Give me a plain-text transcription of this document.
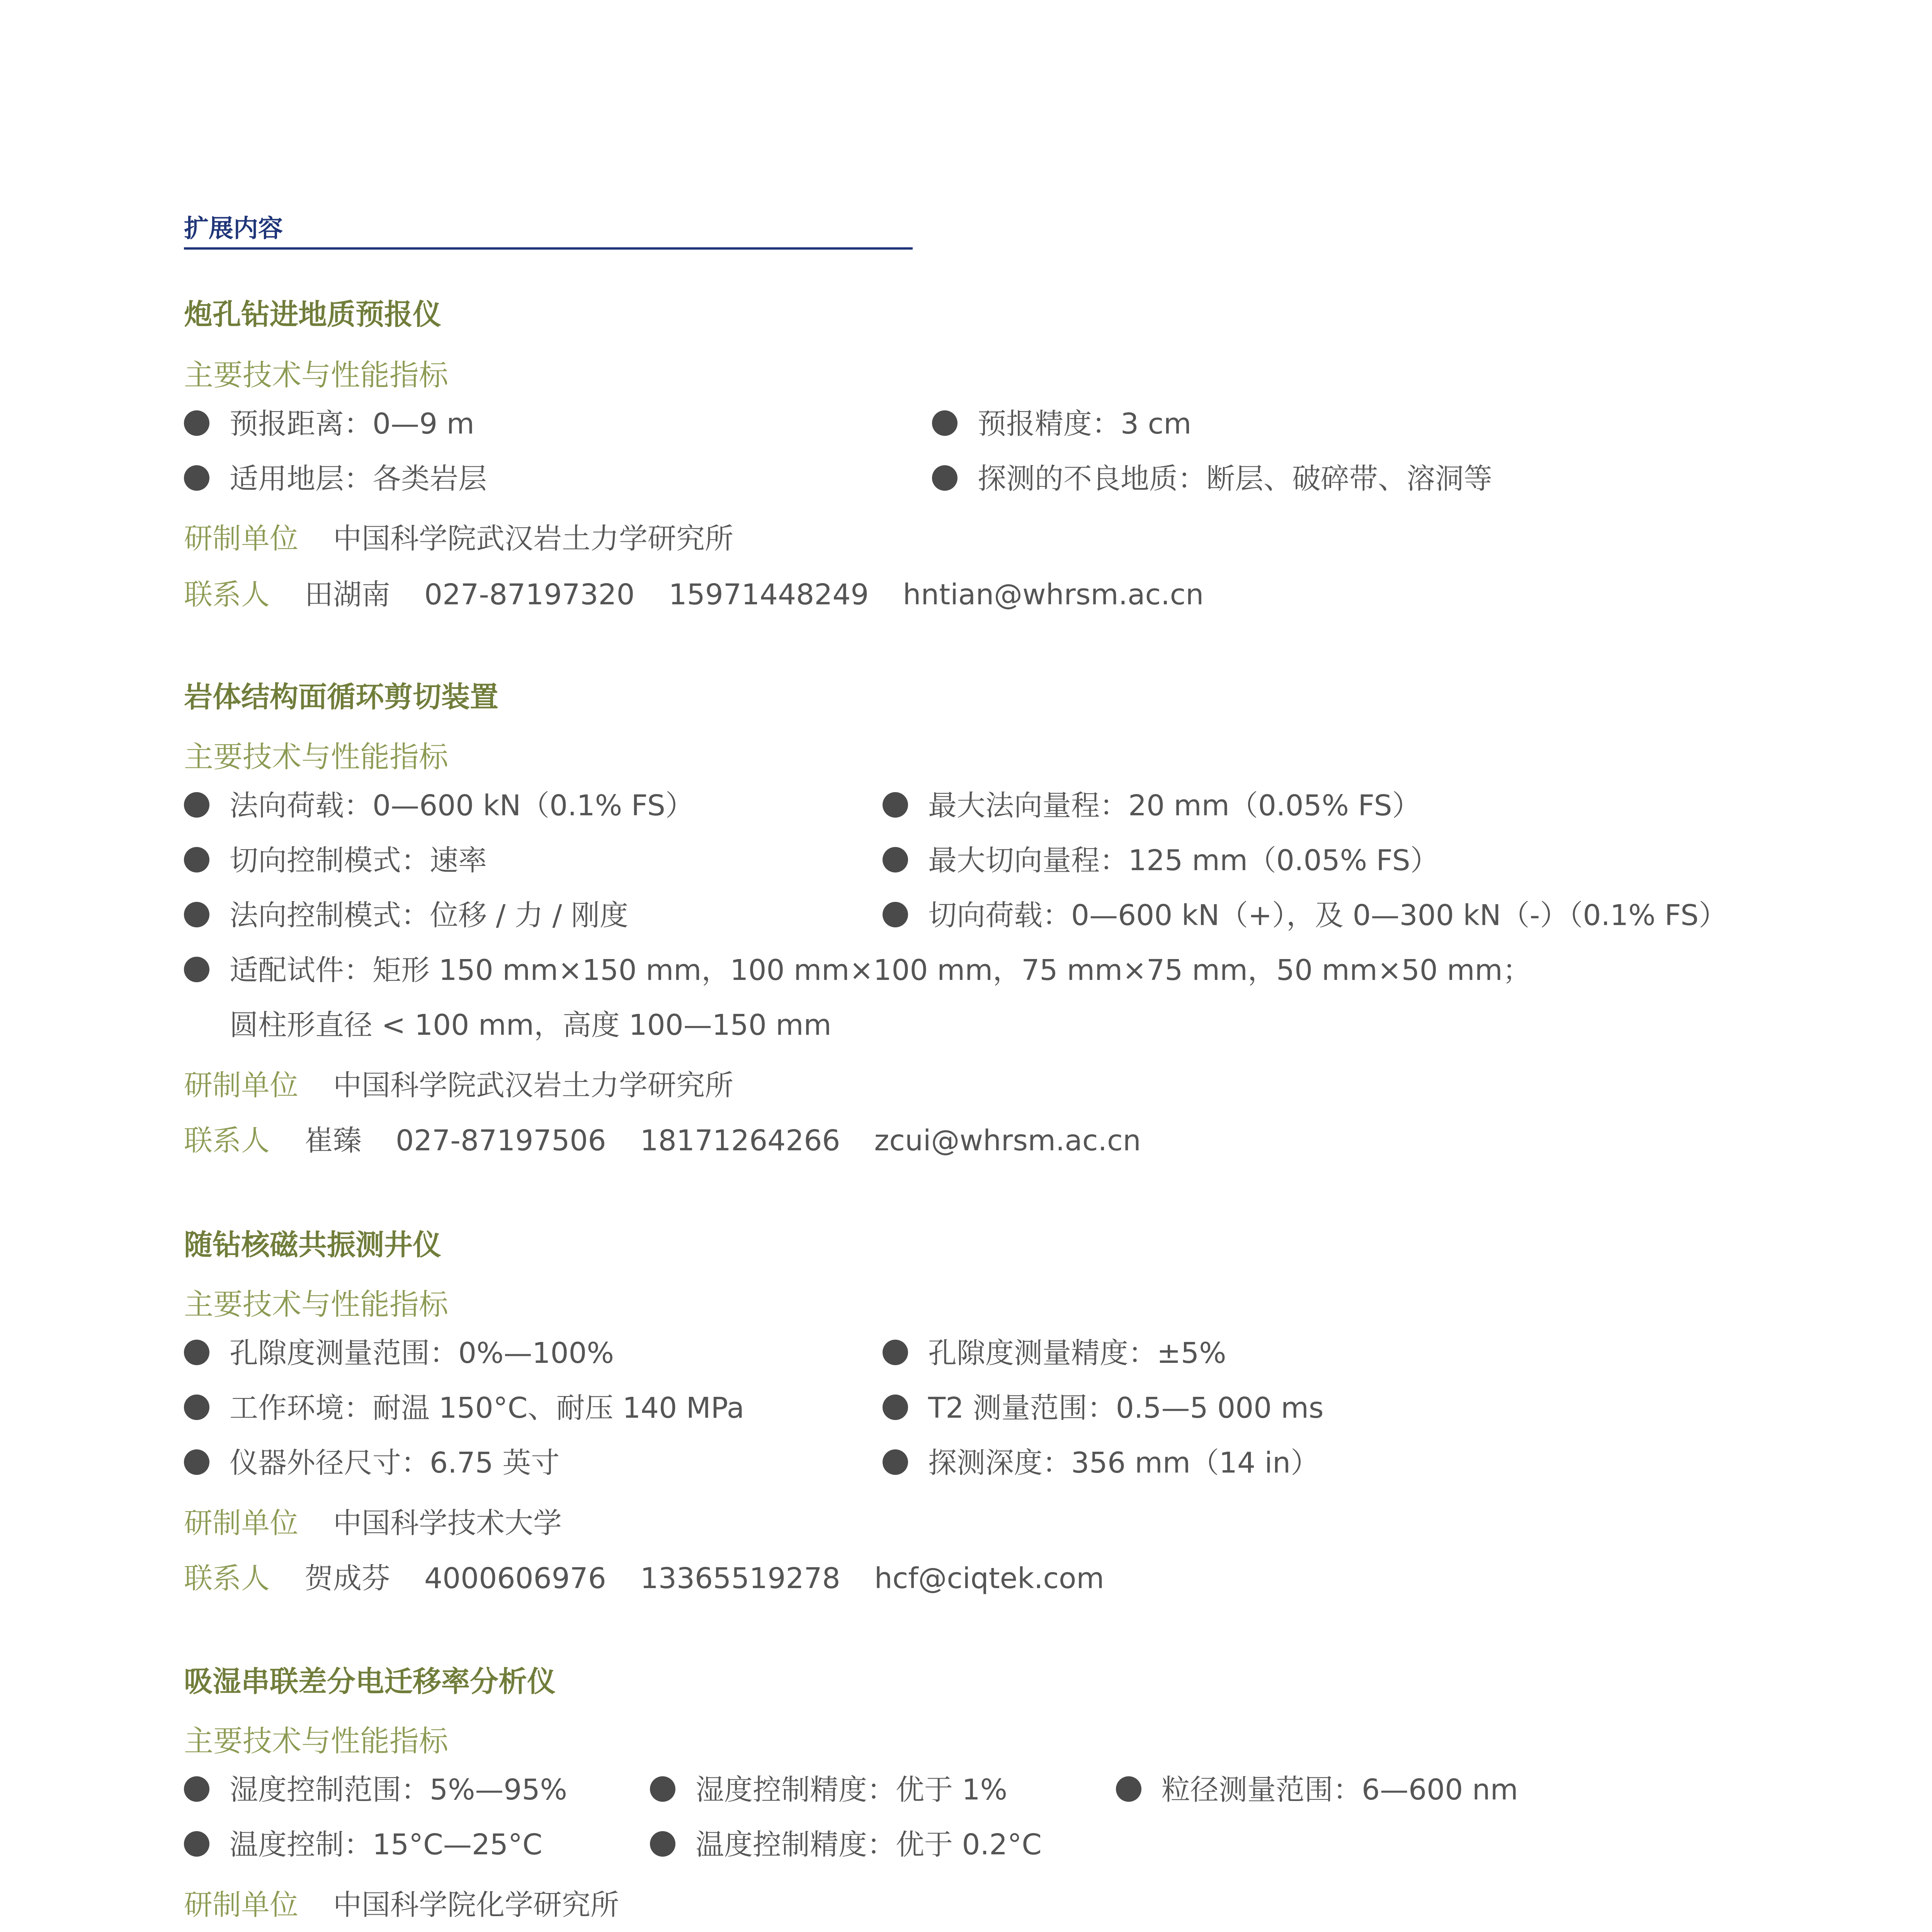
扩展内容
炮孔钻进地质预报仪
主要技术与性能指标
预报距离：0—9 m	预报精度：3 cm
适用地层：各类岩层	探测的不良地质：断层、破碎带、溶洞等
研制单位 中国科学院武汉岩土力学研究所
联系人 田湖南 027-87197320 15971448249 hntian@whrsm.ac.cn
岩体结构面循环剪切装置
主要技术与性能指标
法向荷载：0—600 kN（0.1% FS）	最大法向量程：20 mm（0.05% FS）
切向控制模式：速率	最大切向量程：125 mm（0.05% FS）
法向控制模式：位移 / 力 / 刚度	切向荷载：0—600 kN（+），及 0—300 kN（-）（0.1% FS）
适配试件：矩形 150 mm×150 mm，100 mm×100 mm，75 mm×75 mm，50 mm×50 mm；
圆柱形直径 < 100 mm，高度 100—150 mm
研制单位 中国科学院武汉岩土力学研究所
联系人 崔臻 027-87197506 18171264266 zcui@whrsm.ac.cn
随钻核磁共振测井仪
主要技术与性能指标
孔隙度测量范围：0%—100%	孔隙度测量精度：±5%
工作环境：耐温 150°C、耐压 140 MPa	T2 测量范围：0.5—5 000 ms
仪器外径尺寸：6.75 英寸	探测深度：356 mm（14 in）
研制单位 中国科学技术大学
联系人 贺成芬 4000606976 13365519278 hcf@ciqtek.com
吸湿串联差分电迁移率分析仪
主要技术与性能指标
湿度控制范围：5%—95%	湿度控制精度：优于 1%	粒径测量范围：6—600 nm
温度控制：15°C—25°C	温度控制精度：优于 0.2°C
研制单位 中国科学院化学研究所
